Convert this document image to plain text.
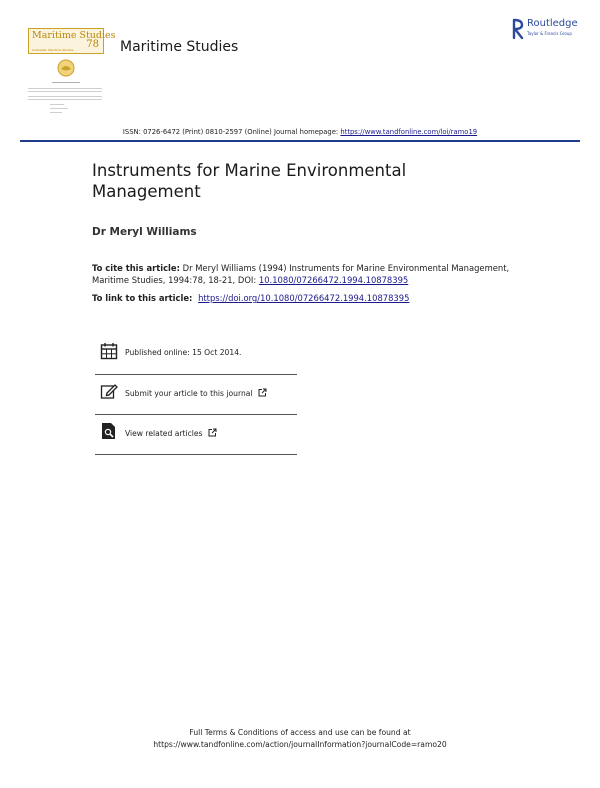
Maritime Studies
78
Australian Maritime Studies	Maritime Studies
Routledge
Taylor & Francis Group
ISSN: 0726-6472 (Print) 0810-2597 (Online) Journal homepage: https://www.tandfonline.com/loi/ramo19
Instruments for Marine Environmental Management
Dr Meryl Williams
To cite this article: Dr Meryl Williams (1994) Instruments for Marine Environmental Management, Maritime Studies, 1994:78, 18-21, DOI: 10.1080/07266472.1994.10878395
To link to this article: https://doi.org/10.1080/07266472.1994.10878395
Published online: 15 Oct 2014.
Submit your article to this journal
View related articles
Full Terms & Conditions of access and use can be found at
https://www.tandfonline.com/action/journalInformation?journalCode=ramo20
